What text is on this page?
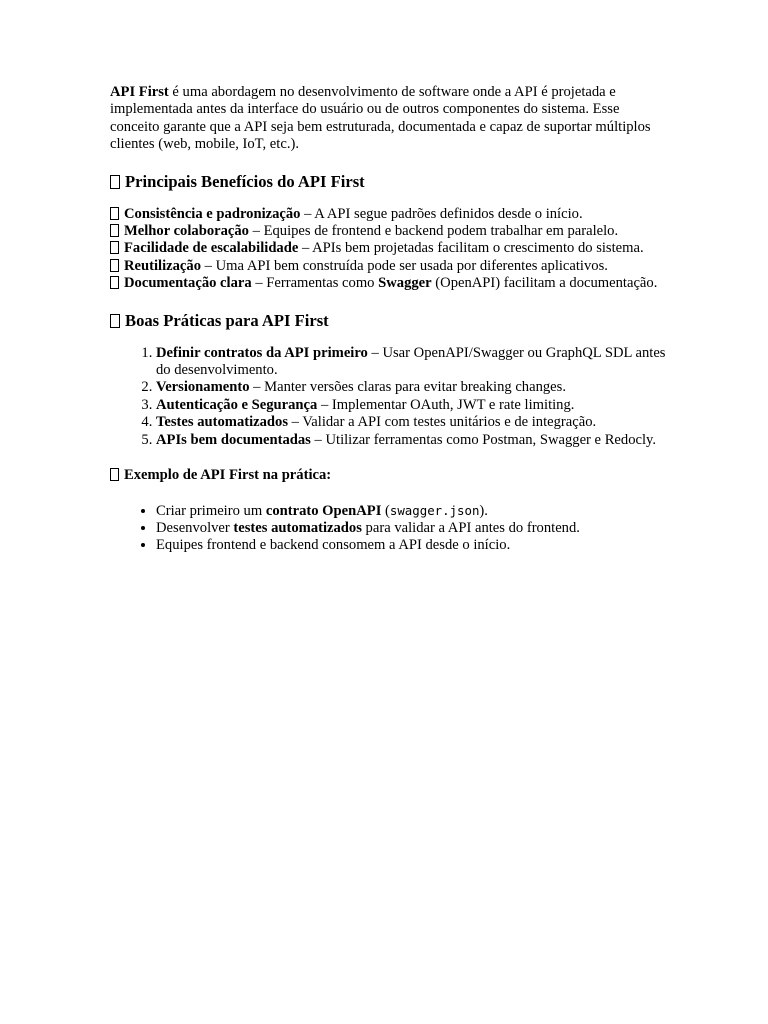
API First é uma abordagem no desenvolvimento de software onde a API é projetada e implementada antes da interface do usuário ou de outros componentes do sistema. Esse conceito garante que a API seja bem estruturada, documentada e capaz de suportar múltiplos clientes (web, mobile, IoT, etc.).

Principais Benefícios do API First

Consistência e padronização – A API segue padrões definidos desde o início.

Melhor colaboração – Equipes de frontend e backend podem trabalhar em paralelo.

Facilidade de escalabilidade – APIs bem projetadas facilitam o crescimento do sistema.

Reutilização – Uma API bem construída pode ser usada por diferentes aplicativos.

Documentação clara – Ferramentas como Swagger (OpenAPI) facilitam a documentação.

Boas Práticas para API First
1. Definir contratos da API primeiro – Usar OpenAPI/Swagger ou GraphQL SDL antes do desenvolvimento.
2. Versionamento – Manter versões claras para evitar breaking changes.
3. Autenticação e Segurança – Implementar OAuth, JWT e rate limiting.
4. Testes automatizados – Validar a API com testes unitários e de integração.
5. APIs bem documentadas – Utilizar ferramentas como Postman, Swagger e Redocly.

Exemplo de API First na prática:

• Criar primeiro um contrato OpenAPI (swagger.json).
• Desenvolver testes automatizados para validar a API antes do frontend.
• Equipes frontend e backend consomem a API desde o início.
